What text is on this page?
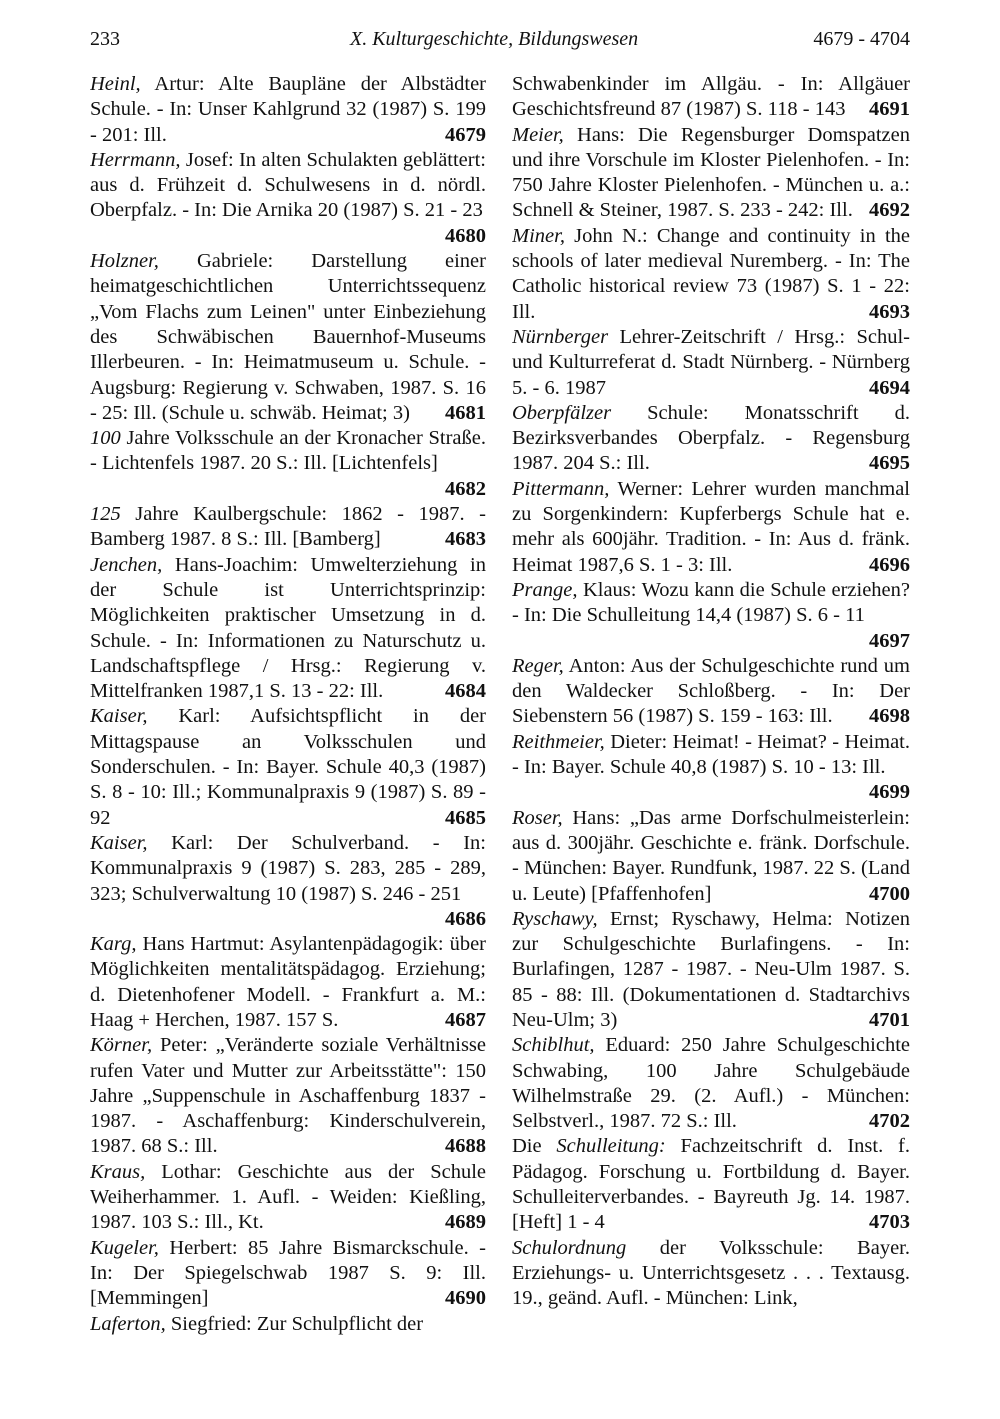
233	X. Kulturgeschichte, Bildungswesen	4679 - 4704
Heinl, Artur: Alte Baupläne der Albstädter Schule. - In: Unser Kahlgrund 32 (1987) S. 199 - 201: Ill.	4679
Herrmann, Josef: In alten Schulakten geblättert: aus d. Frühzeit d. Schulwesens in d. nördl. Oberpfalz. - In: Die Arnika 20 (1987) S. 21 - 23
4680
Holzner, Gabriele: Darstellung einer heimatgeschichtlichen Unterrichtssequenz „Vom Flachs zum Leinen" unter Einbeziehung des Schwäbischen Bauernhof-Museums Illerbeuren. - In: Heimatmuseum u. Schule. - Augsburg: Regierung v. Schwaben, 1987. S. 16 - 25: Ill. (Schule u. schwäb. Heimat; 3)	4681
100 Jahre Volksschule an der Kronacher Straße. - Lichtenfels 1987. 20 S.: Ill. [Lichtenfels]
4682
125 Jahre Kaulbergschule: 1862 - 1987. - Bamberg 1987. 8 S.: Ill. [Bamberg]	4683
Jenchen, Hans-Joachim: Umwelterziehung in der Schule ist Unterrichtsprinzip: Möglichkeiten praktischer Umsetzung in d. Schule. - In: Informationen zu Naturschutz u. Landschaftspflege / Hrsg.: Regierung v. Mittelfranken 1987,1 S. 13 - 22: Ill.	4684
Kaiser, Karl: Aufsichtspflicht in der Mittagspause an Volksschulen und Sonderschulen. - In: Bayer. Schule 40,3 (1987) S. 8 - 10: Ill.; Kommunalpraxis 9 (1987) S. 89 - 92	4685
Kaiser, Karl: Der Schulverband. - In: Kommunalpraxis 9 (1987) S. 283, 285 - 289, 323; Schulverwaltung 10 (1987) S. 246 - 251
4686
Karg, Hans Hartmut: Asylantenpädagogik: über Möglichkeiten mentalitätspädagog. Erziehung; d. Dietenhofener Modell. - Frankfurt a. M.: Haag + Herchen, 1987. 157 S.	4687
Körner, Peter: „Veränderte soziale Verhältnisse rufen Vater und Mutter zur Arbeitsstätte": 150 Jahre „Suppenschule in Aschaffenburg 1837 - 1987. - Aschaffenburg: Kinderschulverein, 1987. 68 S.: Ill.	4688
Kraus, Lothar: Geschichte aus der Schule Weiherhammer. 1. Aufl. - Weiden: Kießling, 1987. 103 S.: Ill., Kt.	4689
Kugeler, Herbert: 85 Jahre Bismarckschule. - In: Der Spiegelschwab 1987 S. 9: Ill. [Memmingen]	4690
Laferton, Siegfried: Zur Schulpflicht der
Schwabenkinder im Allgäu. - In: Allgäuer Geschichtsfreund 87 (1987) S. 118 - 143	4691
Meier, Hans: Die Regensburger Domspatzen und ihre Vorschule im Kloster Pielenhofen. - In: 750 Jahre Kloster Pielenhofen. - München u. a.: Schnell & Steiner, 1987. S. 233 - 242: Ill. 4692
Miner, John N.: Change and continuity in the schools of later medieval Nuremberg. - In: The Catholic historical review 73 (1987) S. 1 - 22: Ill.	4693
Nürnberger Lehrer-Zeitschrift / Hrsg.: Schul- und Kulturreferat d. Stadt Nürnberg. - Nürnberg 5. - 6. 1987	4694
Oberpfälzer Schule: Monatsschrift d. Bezirksverbandes Oberpfalz. - Regensburg 1987. 204 S.: Ill.	4695
Pittermann, Werner: Lehrer wurden manchmal zu Sorgenkindern: Kupferbergs Schule hat e. mehr als 600jähr. Tradition. - In: Aus d. fränk. Heimat 1987,6 S. 1 - 3: Ill.	4696
Prange, Klaus: Wozu kann die Schule erziehen? - In: Die Schulleitung 14,4 (1987) S. 6 - 11
4697
Reger, Anton: Aus der Schulgeschichte rund um den Waldecker Schloßberg. - In: Der Siebenstern 56 (1987) S. 159 - 163: Ill.	4698
Reithmeier, Dieter: Heimat! - Heimat? - Heimat. - In: Bayer. Schule 40,8 (1987) S. 10 - 13: Ill.
4699
Roser, Hans: „Das arme Dorfschulmeisterlein: aus d. 300jähr. Geschichte e. fränk. Dorfschule. - München: Bayer. Rundfunk, 1987. 22 S. (Land u. Leute) [Pfaffenhofen]	4700
Ryschawy, Ernst; Ryschawy, Helma: Notizen zur Schulgeschichte Burlafingens. - In: Burlafingen, 1287 - 1987. - Neu-Ulm 1987. S. 85 - 88: Ill. (Dokumentationen d. Stadtarchivs Neu-Ulm; 3)	4701
Schiblhut, Eduard: 250 Jahre Schulgeschichte Schwabing, 100 Jahre Schulgebäude Wilhelmstraße 29. (2. Aufl.) - München: Selbstverl., 1987. 72 S.: Ill.	4702
Die Schulleitung: Fachzeitschrift d. Inst. f. Pädagog. Forschung u. Fortbildung d. Bayer. Schulleiterverbandes. - Bayreuth Jg. 14. 1987. [Heft] 1 - 4	4703
Schulordnung der Volksschule: Bayer. Erziehungs- u. Unterrichtsgesetz . . . Textausg. 19., geänd. Aufl. - München: Link,
